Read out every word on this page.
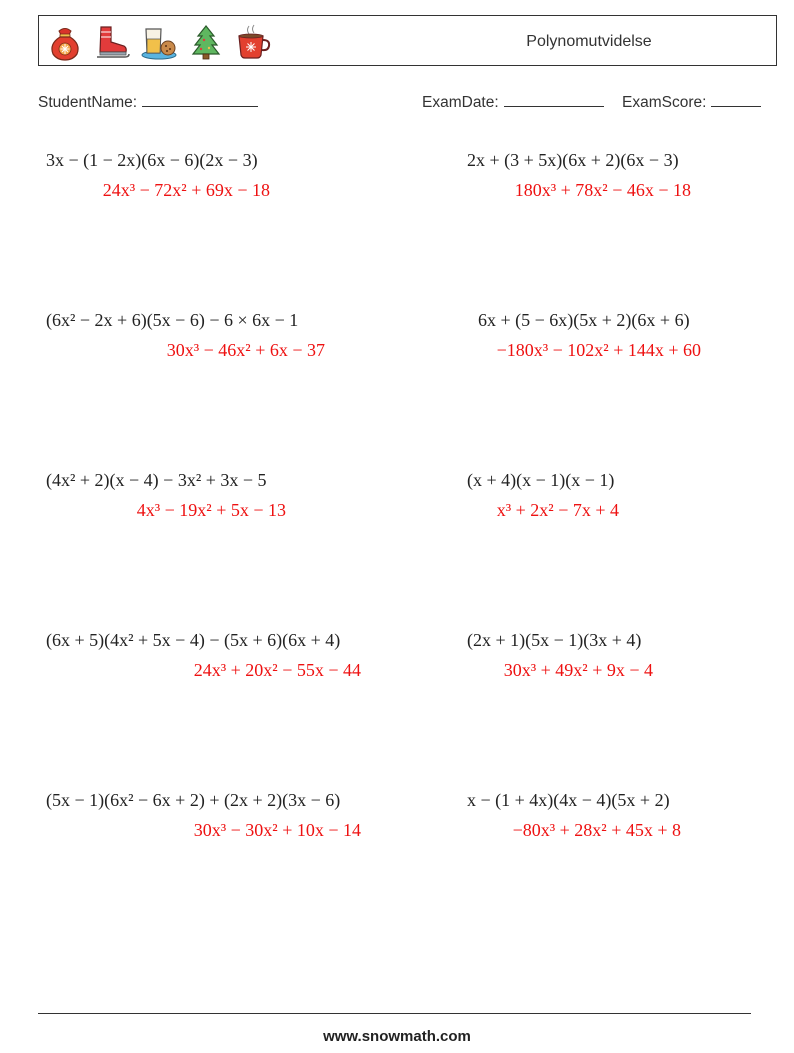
Polynomutvidelse
StudentName:	ExamDate:	ExamScore:
3x − (1 − 2x)(6x − 6)(2x − 3)
24x³ − 72x² + 69x − 18
2x + (3 + 5x)(6x + 2)(6x − 3)
180x³ + 78x² − 46x − 18
(6x² − 2x + 6)(5x − 6) − 6 × 6x − 1
30x³ − 46x² + 6x − 37
6x + (5 − 6x)(5x + 2)(6x + 6)
−180x³ − 102x² + 144x + 60
(4x² + 2)(x − 4) − 3x² + 3x − 5
4x³ − 19x² + 5x − 13
(x + 4)(x − 1)(x − 1)
x³ + 2x² − 7x + 4
(6x + 5)(4x² + 5x − 4) − (5x + 6)(6x + 4)
24x³ + 20x² − 55x − 44
(2x + 1)(5x − 1)(3x + 4)
30x³ + 49x² + 9x − 4
(5x − 1)(6x² − 6x + 2) + (2x + 2)(3x − 6)
30x³ − 30x² + 10x − 14
x − (1 + 4x)(4x − 4)(5x + 2)
−80x³ + 28x² + 45x + 8
www.snowmath.com
